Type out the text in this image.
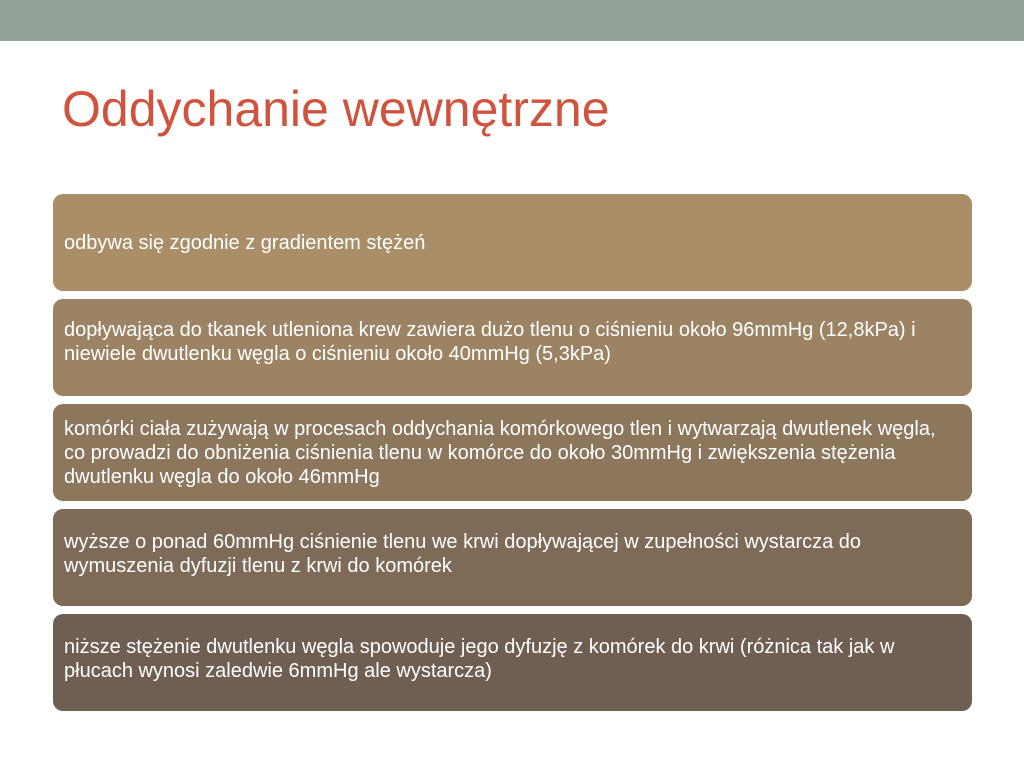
Oddychanie wewnętrzne
odbywa się zgodnie z gradientem stężeń
dopływająca do tkanek utleniona krew zawiera dużo tlenu o ciśnieniu około 96mmHg (12,8kPa) i niewiele dwutlenku węgla o ciśnieniu około 40mmHg (5,3kPa)
komórki ciała zużywają w procesach oddychania komórkowego tlen i wytwarzają dwutlenek węgla, co prowadzi do obniżenia ciśnienia tlenu w komórce do około 30mmHg i zwiększenia stężenia dwutlenku węgla do około 46mmHg
wyższe o ponad 60mmHg ciśnienie tlenu we krwi dopływającej w zupełności wystarcza do wymuszenia dyfuzji tlenu z krwi do komórek
niższe stężenie dwutlenku węgla spowoduje jego dyfuzję z komórek do krwi (różnica tak jak w płucach wynosi zaledwie 6mmHg ale wystarcza)
